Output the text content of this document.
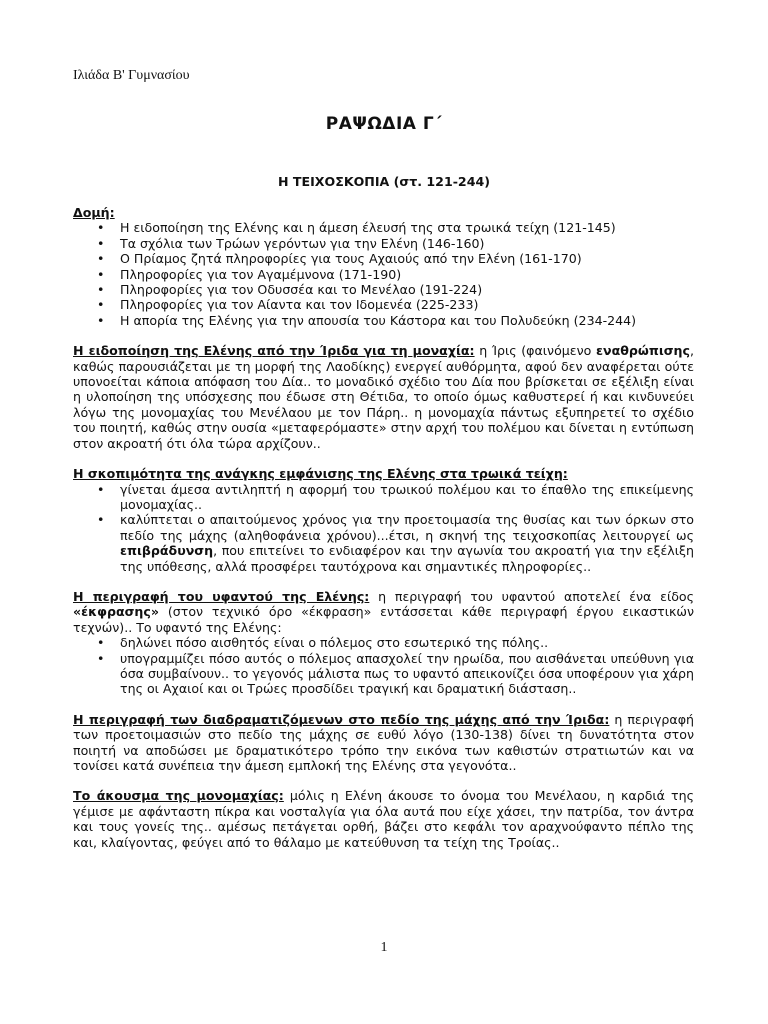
Ιλιάδα Β' Γυμνασίου
ΡΑΨΩΔΙΑ Γ΄
Η ΤΕΙΧΟΣΚΟΠΙΑ (στ. 121-244)
Δομή:
• Η ειδοποίηση της Ελένης και η άμεση έλευσή της στα τρωικά τείχη (121-145)
• Τα σχόλια των Τρώων γερόντων για την Ελένη (146-160)
• Ο Πρίαμος ζητά πληροφορίες για τους Αχαιούς από την Ελένη (161-170)
• Πληροφορίες για τον Αγαμέμνονα (171-190)
• Πληροφορίες για τον Οδυσσέα και το Μενέλαο (191-224)
• Πληροφορίες για τον Αίαντα και τον Ιδομενέα (225-233)
• Η απορία της Ελένης για την απουσία του Κάστορα και του Πολυδεύκη (234-244)
Η ειδοποίηση της Ελένης από την Ίριδα για τη μοναχία: η Ίρις (φαινόμενο εναθρώπισης, καθώς παρουσιάζεται με τη μορφή της Λαοδίκης) ενεργεί αυθόρμητα, αφού δεν αναφέρεται ούτε υπονοείται κάποια απόφαση του Δία.. το μοναδικό σχέδιο του Δία που βρίσκεται σε εξέλιξη είναι η υλοποίηση της υπόσχεσης που έδωσε στη Θέτιδα, το οποίο όμως καθυστερεί ή και κινδυνεύει λόγω της μονομαχίας του Μενέλαου με τον Πάρη.. η μονομαχία πάντως εξυπηρετεί το σχέδιο του ποιητή, καθώς στην ουσία «μεταφερόμαστε» στην αρχή του πολέμου και δίνεται η εντύπωση στον ακροατή ότι όλα τώρα αρχίζουν..
Η σκοπιμότητα της ανάγκης εμφάνισης της Ελένης στα τρωικά τείχη:
• γίνεται άμεσα αντιληπτή η αφορμή του τρωικού πολέμου και το έπαθλο της επικείμενης μονομαχίας..
• καλύπτεται ο απαιτούμενος χρόνος για την προετοιμασία της θυσίας και των όρκων στο πεδίο της μάχης (αληθοφάνεια χρόνου)...έτσι, η σκηνή της τειχοσκοπίας λειτουργεί ως επιβράδυνση, που επιτείνει το ενδιαφέρον και την αγωνία του ακροατή για την εξέλιξη της υπόθεσης, αλλά προσφέρει ταυτόχρονα και σημαντικές πληροφορίες..
Η περιγραφή του υφαντού της Ελένης: η περιγραφή του υφαντού αποτελεί ένα είδος «έκφρασης» (στον τεχνικό όρο «έκφραση» εντάσσεται κάθε περιγραφή έργου εικαστικών τεχνών).. Το υφαντό της Ελένης:
• δηλώνει πόσο αισθητός είναι ο πόλεμος στο εσωτερικό της πόλης..
• υπογραμμίζει πόσο αυτός ο πόλεμος απασχολεί την ηρωίδα, που αισθάνεται υπεύθυνη για όσα συμβαίνουν.. το γεγονός μάλιστα πως το υφαντό απεικονίζει όσα υποφέρουν για χάρη της οι Αχαιοί και οι Τρώες προσδίδει τραγική και δραματική διάσταση..
Η περιγραφή των διαδραματιζόμενων στο πεδίο της μάχης από την Ίριδα: η περιγραφή των προετοιμασιών στο πεδίο της μάχης σε ευθύ λόγο (130-138) δίνει τη δυνατότητα στον ποιητή να αποδώσει με δραματικότερο τρόπο την εικόνα των καθιστών στρατιωτών και να τονίσει κατά συνέπεια την άμεση εμπλοκή της Ελένης στα γεγονότα..
Το άκουσμα της μονομαχίας: μόλις η Ελένη άκουσε το όνομα του Μενέλαου, η καρδιά της γέμισε με αφάνταστη πίκρα και νοσταλγία για όλα αυτά που είχε χάσει, την πατρίδα, τον άντρα και τους γονείς της.. αμέσως πετάγεται ορθή, βάζει στο κεφάλι τον αραχνούφαντο πέπλο της και, κλαίγοντας, φεύγει από το θάλαμο με κατεύθυνση τα τείχη της Τροίας..
1
